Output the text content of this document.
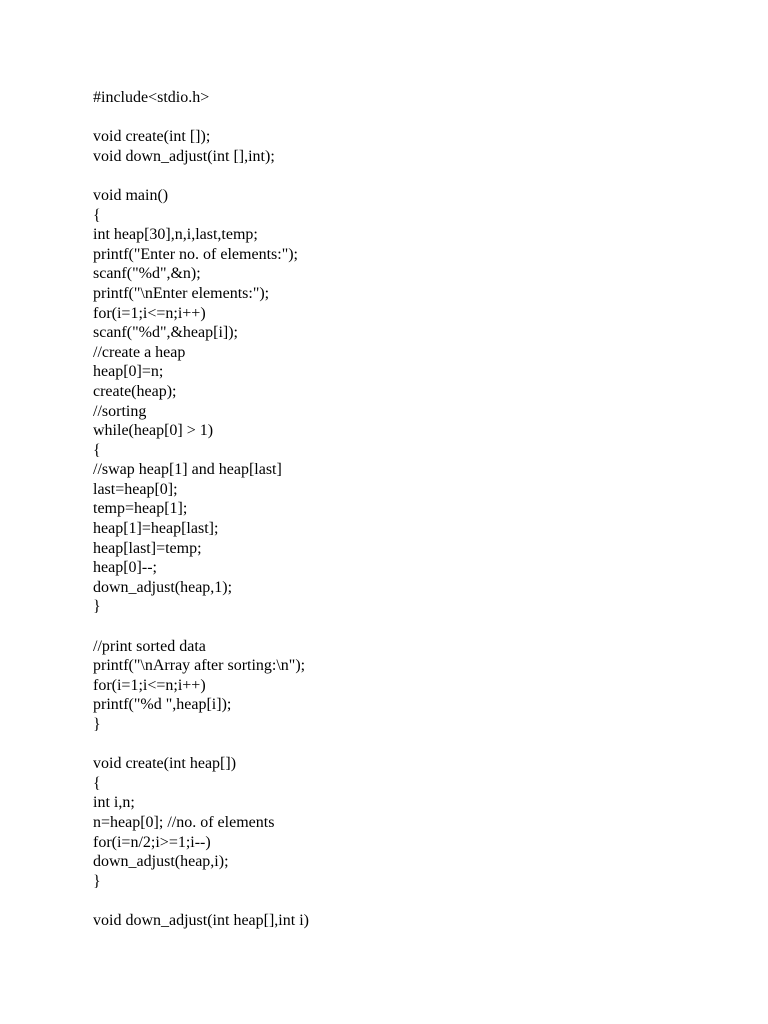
#include<stdio.h>
void create(int []);
void down_adjust(int [],int);
void main()
{
int heap[30],n,i,last,temp;
printf("Enter no. of elements:");
scanf("%d",&n);
printf("\nEnter elements:");
for(i=1;i<=n;i++)
scanf("%d",&heap[i]);
//create a heap
heap[0]=n;
create(heap);
//sorting
while(heap[0] > 1)
{
//swap heap[1] and heap[last]
last=heap[0];
temp=heap[1];
heap[1]=heap[last];
heap[last]=temp;
heap[0]--;
down_adjust(heap,1);
}
//print sorted data
printf("\nArray after sorting:\n");
for(i=1;i<=n;i++)
printf("%d ",heap[i]);
}
void create(int heap[])
{
int i,n;
n=heap[0]; //no. of elements
for(i=n/2;i>=1;i--)
down_adjust(heap,i);
}
void down_adjust(int heap[],int i)
